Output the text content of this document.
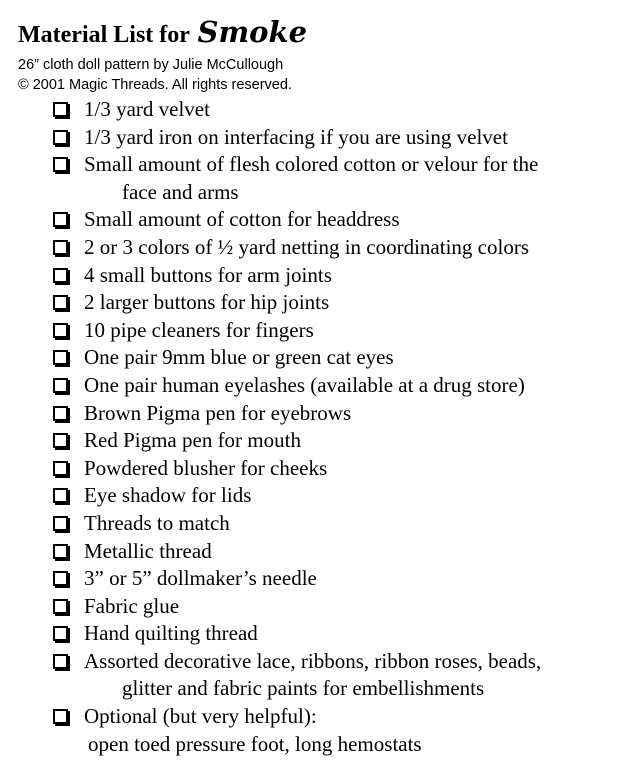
Material List for Smoke
26” cloth doll pattern by Julie McCullough
© 2001 Magic Threads. All rights reserved.
1/3 yard velvet
1/3 yard iron on interfacing if you are using velvet
Small amount of flesh colored cotton or velour for the
face and arms
Small amount of cotton for headdress
2 or 3 colors of ½ yard netting in coordinating colors
4 small buttons for arm joints
2 larger buttons for hip joints
10 pipe cleaners for fingers
One pair 9mm blue or green cat eyes
One pair human eyelashes (available at a drug store)
Brown Pigma pen for eyebrows
Red Pigma pen for mouth
Powdered blusher for cheeks
Eye shadow for lids
Threads to match
Metallic thread
3” or 5” dollmaker’s needle
Fabric glue
Hand quilting thread
Assorted decorative lace, ribbons, ribbon roses, beads,
glitter and fabric paints for embellishments
Optional (but very helpful):
open toed pressure foot, long hemostats
